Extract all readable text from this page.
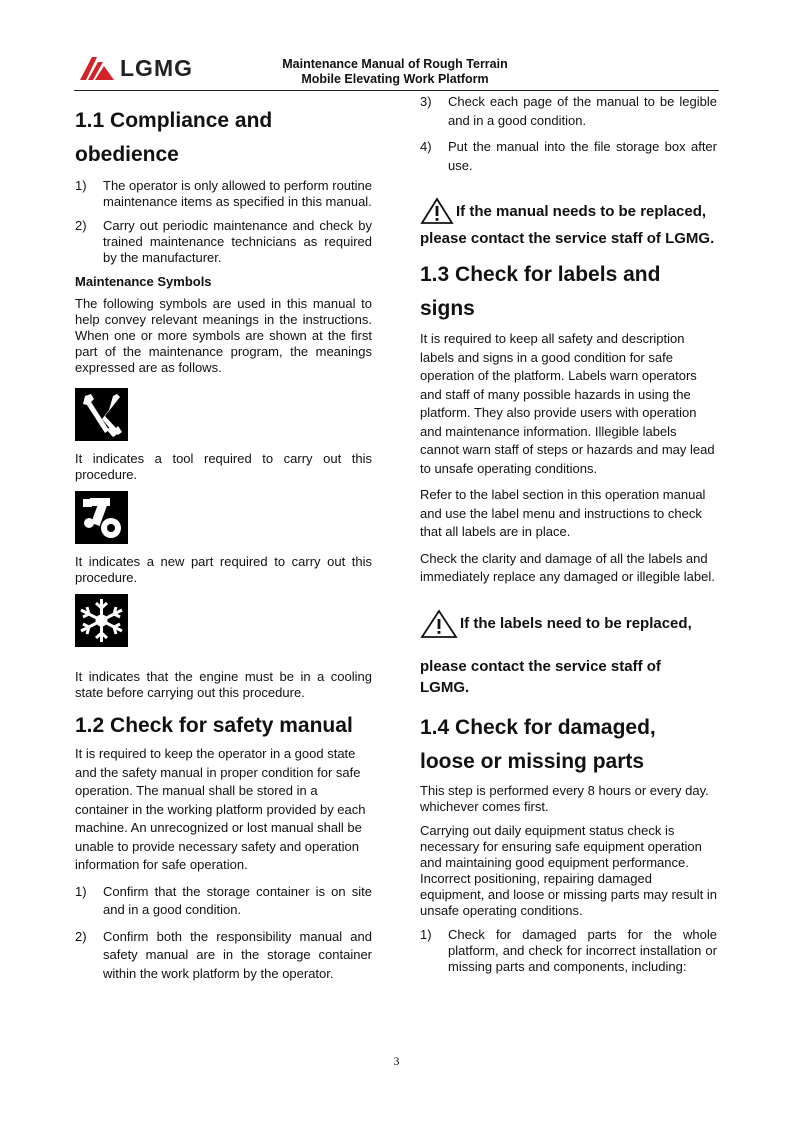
LGMG	Maintenance Manual of Rough Terrain
Mobile Elevating Work Platform
1.1 Compliance and
obedience
1)	The operator is only allowed to perform routine maintenance items as specified in this manual.
2)	Carry out periodic maintenance and check by trained maintenance technicians as required by the manufacturer.

Maintenance Symbols

The following symbols are used in this manual to help convey relevant meanings in the instructions. When one or more symbols are shown at the first part of the maintenance program, the meanings expressed are as follows.

It indicates a tool required to carry out this procedure.

It indicates a new part required to carry out this procedure.

It indicates that the engine must be in a cooling state before carrying out this procedure.

1.2 Check for safety manual

It is required to keep the operator in a good state and the safety manual in proper condition for safe operation. The manual shall be stored in a container in the working platform provided by each machine. An unrecognized or lost manual shall be unable to provide necessary safety and operation information for safe operation.

1)	Confirm that the storage container is on site and in a good condition.
2)	Confirm both the responsibility manual and safety manual are in the storage container within the work platform by the operator.
3)	Check each page of the manual to be legible and in a good condition.
4)	Put the manual into the file storage box after use.
If the manual needs to be replaced,

please contact the service staff of LGMG.

1.3 Check for labels and
signs

It is required to keep all safety and description labels and signs in a good condition for safe operation of the platform. Labels warn operators and staff of many possible hazards in using the platform. They also provide users with operation and maintenance information. Illegible labels cannot warn staff of steps or hazards and may lead to unsafe operating conditions.

Refer to the label section in this operation manual and use the label menu and instructions to check that all labels are in place.

Check the clarity and damage of all the labels and immediately replace any damaged or illegible label.

If the labels need to be replaced,

please contact the service staff of

LGMG.

1.4 Check for damaged,
loose or missing parts

This step is performed every 8 hours or every day. whichever comes first.

Carrying out daily equipment status check is necessary for ensuring safe equipment operation and maintaining good equipment performance. Incorrect positioning, repairing damaged equipment, and loose or missing parts may result in unsafe operating conditions.

1)	Check for damaged parts for the whole platform, and check for incorrect installation or missing parts and components, including:
3
